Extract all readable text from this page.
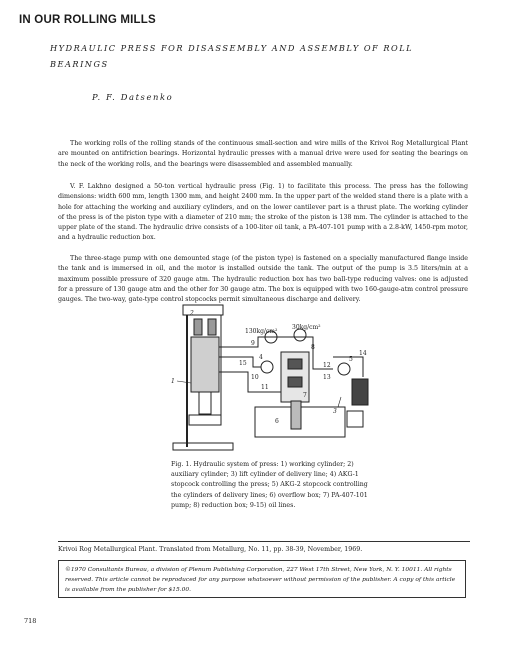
IN OUR ROLLING MILLS
HYDRAULIC PRESS FOR DISASSEMBLY AND ASSEMBLY OF ROLL BEARINGS
P. F. Datsenko

The working rolls of the rolling stands of the continuous small-section and wire mills of the Krivoi Rog Metallurgical Plant are mounted on antifriction bearings. Horizontal hydraulic presses with a manual drive were used for seating the bearings on the neck of the working rolls, and the bearings were disassembled and assembled manually.

V. F. Lakhno designed a 50-ton vertical hydraulic press (Fig. 1) to facilitate this process. The press has the following dimensions: width 600 mm, length 1300 mm, and height 2400 mm. In the upper part of the welded stand there is a plate with a hole for attaching the working and auxiliary cylinders, and on the lower cantilever part is a thrust plate. The working cylinder of the press is of the piston type with a diameter of 210 mm; the stroke of the piston is 138 mm. The cylinder is attached to the upper plate of the stand. The hydraulic drive consists of a 100-liter oil tank, a PA-407-101 pump with a 2.8-kW, 1450-rpm motor, and a hydraulic reduction box.

The three-stage pump with one demounted stage (of the piston type) is fastened on a specially manufactured flange inside the tank and is immersed in oil, and the motor is installed outside the tank. The output of the pump is 3.5 liters/min at a maximum possible pressure of 320 gauge atm. The hydraulic reduction box has two ball-type reducing valves: one is adjusted for a pressure of 130 gauge atm and the other for 30 gauge atm. The box is equipped with two 160-gauge-atm control pressure gauges. The two-way, gate-type control stopcocks permit simultaneous discharge and delivery.

130kg/cm²
30kg/cm²
1
2
3
4	5
6
7
8
9
10
11
12
13
14
15
Fig. 1. Hydraulic system of press: 1) working cylinder; 2) auxiliary cylinder; 3) lift cylinder of delivery line; 4) AKG-1 stopcock controlling the press; 5) AKG-2 stopcock controlling the cylinders of delivery lines; 6) overflow box; 7) PA-407-101 pump; 8) reduction box; 9-15) oil lines.
Krivoi Rog Metallurgical Plant. Translated from Metallurg, No. 11, pp. 38-39, November, 1969.
©1970 Consultants Bureau, a division of Plenum Publishing Corporation, 227 West 17th Street, New York, N. Y. 10011. All rights reserved. This article cannot be reproduced for any purpose whatsoever without permission of the publisher. A copy of this article is available from the publisher for $15.00.
718
